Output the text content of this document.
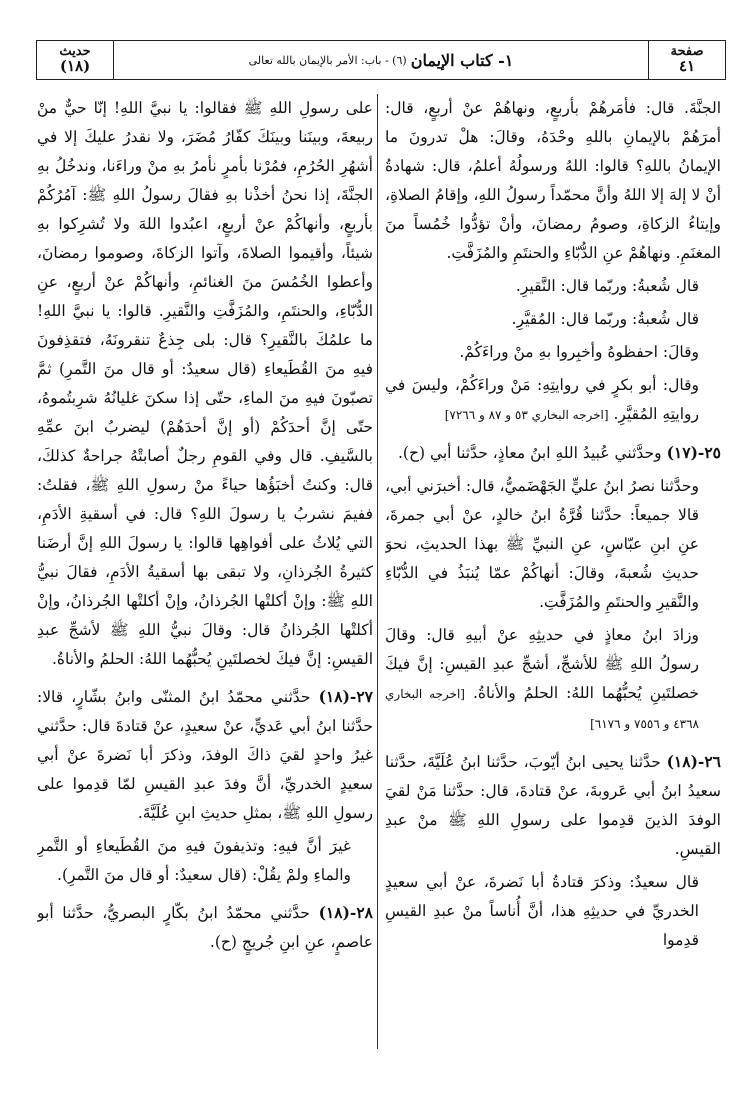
صفحة
٤١
١- كتاب الإيمان
(٦) - باب: الأمر بالإيمان بالله تعالى
حديث
(١٨)

الجنَّةَ. قال: فأمَرهُمْ بأربعٍ، ونهاهُمْ عنْ أربعٍ، قال: أمرَهُمْ بالإيمانِ باللهِ وحْدَهُ، وقالَ: هلْ تدرونَ ما الإيمانُ باللهِ؟ قالوا: اللهُ ورسولُهُ أعلمُ، قال: شهادةُ أنْ لا إلهَ إلا اللهُ وأنَّ محمّداً رسولُ اللهِ، وإقامُ الصلاةِ، وإيتاءُ الزكاةِ، وصومُ رمضانَ، وأنْ تؤدُّوا خُمُساً منَ المغنَمِ. ونهاهُمْ عنِ الدُّبّاءِ والحنتَمِ والمُزَفَّتِ.

قال شُعبةُ: وربّما قال: النَّقيرِ.

قال شُعبةُ: وربّما قال: المُقيَّرِ.

وقالَ: احفظوهُ وأخبِروا بهِ منْ وراءَكُمْ.

وقال: أبو بكرٍ في روايتِهِ: مَنْ وراءَكُمْ، وليسَ في روايتِهِ المُقيَّرِ. [اخرجه البخاري ٥٣ و ٨٧ و ٧٢٦٦]

٢٥-(١٧) وحدَّثني عُبيدُ اللهِ ابنُ معاذٍ، حدَّثنا أبي (ح).

وحدَّثنا نصرُ ابنُ عليٍّ الجَهْضَميُّ، قال: أخبرَني أبي، قالا جميعاً: حدَّثنا قُرَّةُ ابنُ خالدٍ، عنْ أبي جمرةَ، عنِ ابنِ عبّاسٍ، عنِ النبيِّ ﷺ بهذا الحديثِ، نحوَ حديثِ شُعبةَ، وقالَ: أنهاكُمْ عمّا يُنبَذُ في الدُّبّاءِ والنَّقيرِ والحنتَمِ والمُزَفَّتِ.

وزادَ ابنُ معاذٍ في حديثِهِ عنْ أبيهِ قال: وقالَ رسولُ اللهِ ﷺ للأشجِّ، أشجِّ عبدِ القيسِ: إنَّ فيكَ خصلتَينِ يُحبُّهُما اللهُ: الحلمُ والأناةُ. [اخرجه البخاري ٤٣٦٨ و ٧٥٥٦ و ٦١٧٦]

٢٦-(١٨) حدَّثنا يحيى ابنُ أيّوبَ، حدَّثنا ابنُ عُلَيَّةَ، حدَّثنا سعيدُ ابنُ أبي عَروبةَ، عنْ قتادةَ، قال: حدَّثنا مَنْ لقيَ الوفدَ الذينَ قدِموا على رسولِ اللهِ ﷺ منْ عبدِ القيسِ.

قال سعيدٌ: وذكرَ قتادةُ أبا نَضرةَ، عنْ أبي سعيدٍ الخدريِّ في حديثِهِ هذا، أنَّ أُناساً منْ عبدِ القيسِ قدِموا

على رسولِ اللهِ ﷺ فقالوا: يا نبيَّ اللهِ! إنّا حيٌّ منْ ربيعةَ، وبينَنا وبينَكَ كفّارُ مُضَرَ، ولا نقدرُ عليكَ إلا في أشهُرِ الحُرُمِ، فمُرْنا بأمرٍ نأمرُ بهِ منْ وراءَنا، وندخُلُ بهِ الجنَّةَ، إذا نحنُ أخذْنا بهِ فقالَ رسولُ اللهِ ﷺ: آمُرُكُمْ بأربعٍ، وأنهاكُمْ عنْ أربعٍ، اعبُدوا اللهَ ولا تُشرِكوا بهِ شيئاً، وأقيموا الصلاةَ، وآتوا الزكاةَ، وصوموا رمضانَ، وأعطوا الخُمُسَ منَ الغنائمِ، وأنهاكُمْ عنْ أربعٍ، عنِ الدُّبّاءِ، والحنتَمِ، والمُزَفَّتِ والنَّقيرِ. قالوا: يا نبيَّ اللهِ! ما علمُكَ بالنَّقيرِ؟ قال: بلى جِذعٌ تنقرونَهُ، فتقذِفونَ فيهِ منَ القُطَيعاءِ (قال سعيدٌ: أو قال منَ التَّمرِ) ثمَّ تصبّونَ فيهِ منَ الماءِ، حتّى إذا سكنَ غليانُهُ شرِبتُموهُ، حتّى إنَّ أحدَكُمْ (أو إنَّ أحدَهُمْ) ليضربُ ابنَ عمِّهِ بالسَّيفِ. قال وفي القومِ رجلٌ أصابتْهُ جراحةٌ كذلكَ، قال: وكنتُ أخبَؤُها حياءً منْ رسولِ اللهِ ﷺ، فقلتُ: ففيمَ نشربُ يا رسولَ اللهِ؟ قال: في أسقيةِ الأدَمِ، التي يُلاثُ على أفواهِها قالوا: يا رسولَ اللهِ إنَّ أرضَنا كثيرةُ الجُرذانِ، ولا تبقى بها أسقيةُ الأدَمِ، فقالَ نبيُّ اللهِ ﷺ: وإنْ أكلتْها الجُرذانُ، وإنْ أكلتْها الجُرذانُ، وإنْ أكلتْها الجُرذانُ قال: وقالَ نبيُّ اللهِ ﷺ لأشجِّ عبدِ القيسِ: إنَّ فيكَ لخصلتَينِ يُحبُّهُما اللهُ: الحلمُ والأناةُ.

٢٧-(١٨) حدَّثني محمّدُ ابنُ المثنّى وابنُ بشّارٍ، قالا: حدَّثنا ابنُ أبي عَديٍّ، عنْ سعيدٍ، عنْ قتادةَ قال: حدَّثني غيرُ واحدٍ لقيَ ذاكَ الوفدَ، وذكرَ أبا نَضرةَ عنْ أبي سعيدٍ الخدريِّ، أنَّ وفدَ عبدِ القيسِ لمّا قدِموا على رسولِ اللهِ ﷺ، بمثلِ حديثِ ابنِ عُلَيَّةَ.

غيرَ أنَّ فيهِ: وتذيفونَ فيهِ منَ القُطَيعاءِ أو التَّمرِ والماءِ ولمْ يقُلْ: (قال سعيدٌ: أو قال منَ التَّمرِ).

٢٨-(١٨) حدَّثني محمّدُ ابنُ بكّارٍ البصريُّ، حدَّثنا أبو عاصمٍ، عنِ ابنِ جُريجٍ (ح).
